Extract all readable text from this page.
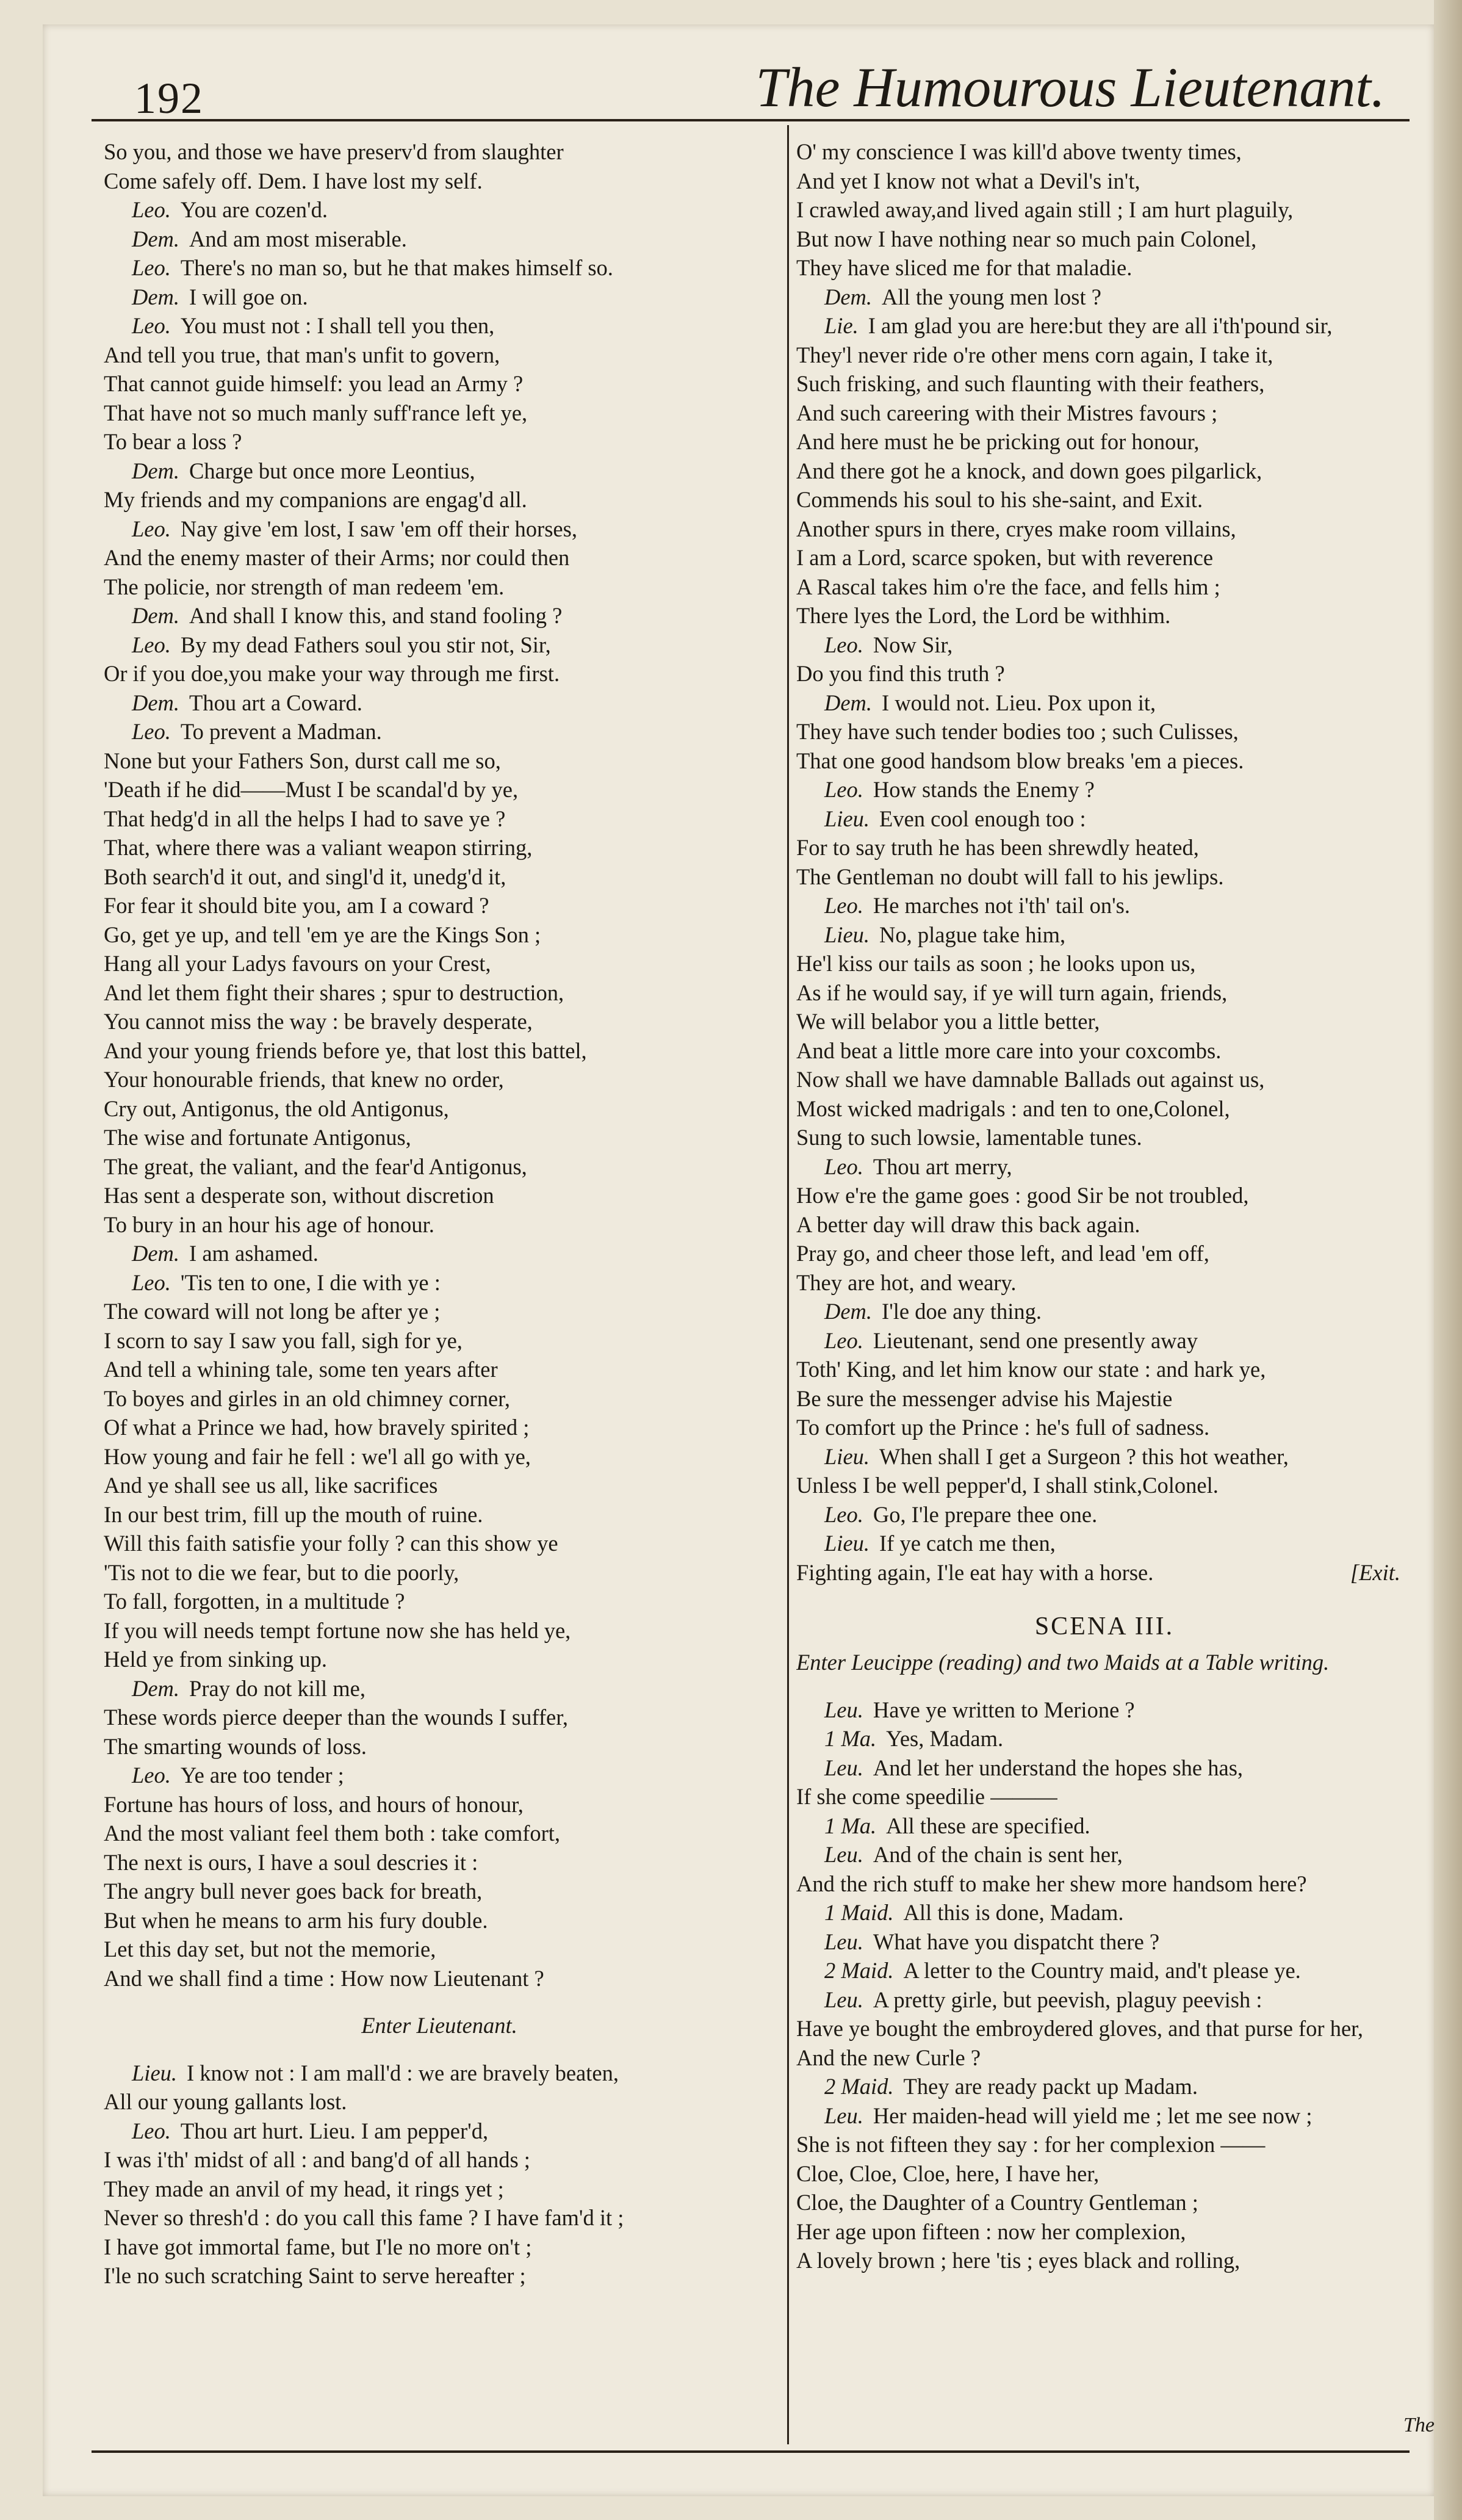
192	The Humourous Lieutenant.
So you, and those we have preserv'd from slaughter
Come safely off. Dem. I have lost my self.
Leo. You are cozen'd.
Dem. And am most miserable.
Leo. There's no man so, but he that makes himself so.
Dem. I will goe on.
Leo. You must not : I shall tell you then,
And tell you true, that man's unfit to govern,
That cannot guide himself: you lead an Army ?
That have not so much manly suff'rance left ye,
To bear a loss ?
Dem. Charge but once more Leontius,
My friends and my companions are engag'd all.
Leo. Nay give 'em lost, I saw 'em off their horses,
And the enemy master of their Arms; nor could then
The policie, nor strength of man redeem 'em.
Dem. And shall I know this, and stand fooling ?
Leo. By my dead Fathers soul you stir not, Sir,
Or if you doe,you make your way through me first.
Dem. Thou art a Coward.
Leo. To prevent a Madman.
None but your Fathers Son, durst call me so,
'Death if he did——Must I be scandal'd by ye,
That hedg'd in all the helps I had to save ye ?
That, where there was a valiant weapon stirring,
Both search'd it out, and singl'd it, unedg'd it,
For fear it should bite you, am I a coward ?
Go, get ye up, and tell 'em ye are the Kings Son ;
Hang all your Ladys favours on your Crest,
And let them fight their shares ; spur to destruction,
You cannot miss the way : be bravely desperate,
And your young friends before ye, that lost this battel,
Your honourable friends, that knew no order,
Cry out, Antigonus, the old Antigonus,
The wise and fortunate Antigonus,
The great, the valiant, and the fear'd Antigonus,
Has sent a desperate son, without discretion
To bury in an hour his age of honour.
Dem. I am ashamed.
Leo. 'Tis ten to one, I die with ye :
The coward will not long be after ye ;
I scorn to say I saw you fall, sigh for ye,
And tell a whining tale, some ten years after
To boyes and girles in an old chimney corner,
Of what a Prince we had, how bravely spirited ;
How young and fair he fell : we'l all go with ye,
And ye shall see us all, like sacrifices
In our best trim, fill up the mouth of ruine.
Will this faith satisfie your folly ? can this show ye
'Tis not to die we fear, but to die poorly,
To fall, forgotten, in a multitude ?
If you will needs tempt fortune now she has held ye,
Held ye from sinking up.
Dem. Pray do not kill me,
These words pierce deeper than the wounds I suffer,
The smarting wounds of loss.
Leo. Ye are too tender ;
Fortune has hours of loss, and hours of honour,
And the most valiant feel them both : take comfort,
The next is ours, I have a soul descries it :
The angry bull never goes back for breath,
But when he means to arm his fury double.
Let this day set, but not the memorie,
And we shall find a time : How now Lieutenant ?
Enter Lieutenant.
Lieu. I know not : I am mall'd : we are bravely beaten,
All our young gallants lost.
Leo. Thou art hurt. Lieu. I am pepper'd,
I was i'th' midst of all : and bang'd of all hands ;
They made an anvil of my head, it rings yet ;
Never so thresh'd : do you call this fame ? I have fam'd it ;
I have got immortal fame, but I'le no more on't ;
I'le no such scratching Saint to serve hereafter ;
O' my conscience I was kill'd above twenty times,
And yet I know not what a Devil's in't,
I crawled away,and lived again still ; I am hurt plaguily,
But now I have nothing near so much pain Colonel,
They have sliced me for that maladie.
Dem. All the young men lost ?
Lie. I am glad you are here:but they are all i'th'pound sir,
They'l never ride o're other mens corn again, I take it,
Such frisking, and such flaunting with their feathers,
And such careering with their Mistres favours ;
And here must he be pricking out for honour,
And there got he a knock, and down goes pilgarlick,
Commends his soul to his she-saint, and Exit.
Another spurs in there, cryes make room villains,
I am a Lord, scarce spoken, but with reverence
A Rascal takes him o're the face, and fells him ;
There lyes the Lord, the Lord be withhim.
Leo. Now Sir,
Do you find this truth ?
Dem. I would not. Lieu. Pox upon it,
They have such tender bodies too ; such Culisses,
That one good handsom blow breaks 'em a pieces.
Leo. How stands the Enemy ?
Lieu. Even cool enough too :
For to say truth he has been shrewdly heated,
The Gentleman no doubt will fall to his jewlips.
Leo. He marches not i'th' tail on's.
Lieu. No, plague take him,
He'l kiss our tails as soon ; he looks upon us,
As if he would say, if ye will turn again, friends,
We will belabor you a little better,
And beat a little more care into your coxcombs.
Now shall we have damnable Ballads out against us,
Most wicked madrigals : and ten to one,Colonel,
Sung to such lowsie, lamentable tunes.
Leo. Thou art merry,
How e're the game goes : good Sir be not troubled,
A better day will draw this back again.
Pray go, and cheer those left, and lead 'em off,
They are hot, and weary.
Dem. I'le doe any thing.
Leo. Lieutenant, send one presently away
Toth' King, and let him know our state : and hark ye,
Be sure the messenger advise his Majestie
To comfort up the Prince : he's full of sadness.
Lieu. When shall I get a Surgeon ? this hot weather,
Unless I be well pepper'd, I shall stink,Colonel.
Leo. Go, I'le prepare thee one.
Lieu. If ye catch me then,
Fighting again, I'le eat hay with a horse.	[Exit.
SCENA III.
Enter Leucippe (reading) and two Maids at a Table writing.
Leu. Have ye written to Merione ?
1 Ma. Yes, Madam.
Leu. And let her understand the hopes she has,
If she come speedilie ———
1 Ma. All these are specified.
Leu. And of the chain is sent her,
And the rich stuff to make her shew more handsom here?
1 Maid. All this is done, Madam.
Leu. What have you dispatcht there ?
2 Maid. A letter to the Country maid, and't please ye.
Leu. A pretty girle, but peevish, plaguy peevish :
Have ye bought the embroydered gloves, and that purse for her,
And the new Curle ?
2 Maid. They are ready packt up Madam.
Leu. Her maiden-head will yield me ; let me see now ;
She is not fifteen they say : for her complexion ——
Cloe, Cloe, Cloe, here, I have her,
Cloe, the Daughter of a Country Gentleman ;
Her age upon fifteen : now her complexion,
A lovely brown ; here 'tis ; eyes black and rolling,
The
